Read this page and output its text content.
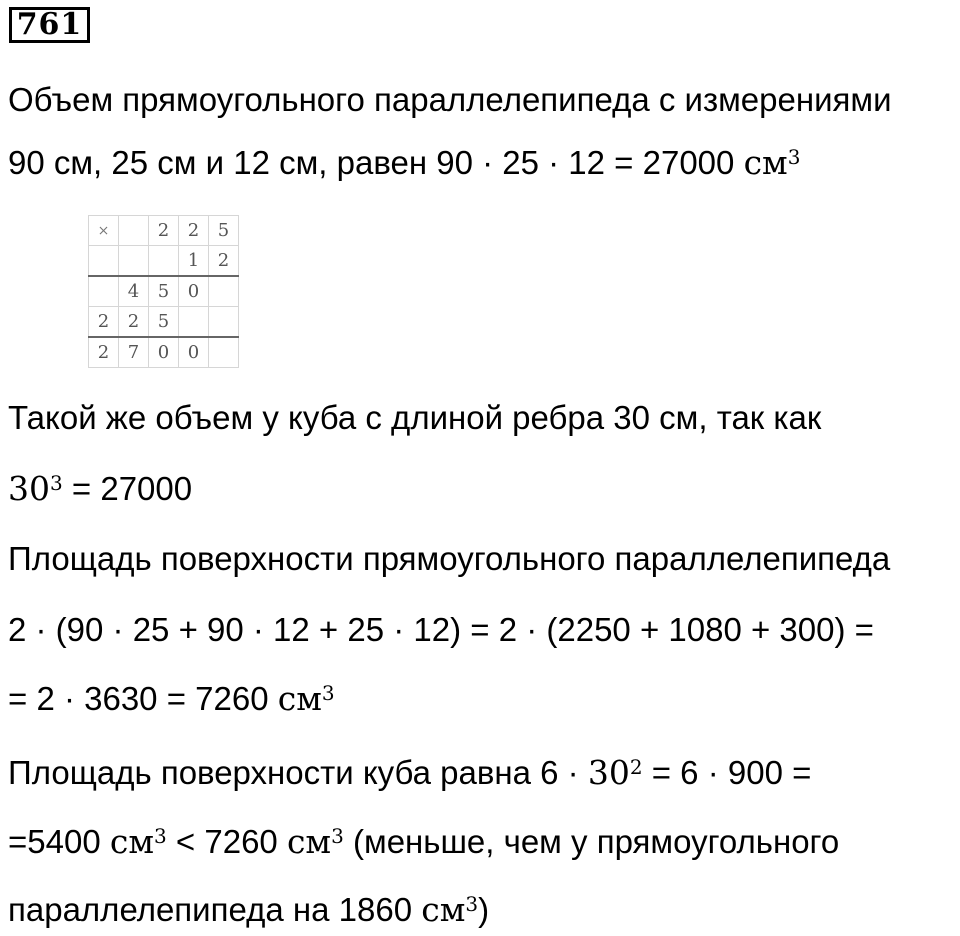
761
Объем прямоугольного параллелепипеда с измерениями
90 см, 25 см и 12 см, равен 90 · 25 · 12 = 27000 $см^3$
×		2	2	5
			1	2
	4	5	0	
2	2	5		
2	7	0	0	
Такой же объем у куба с длиной ребра 30 см, так как
$30^3 = 27000$
Площадь поверхности прямоугольного параллелепипеда
2 · (90 · 25 + 90 · 12 + 25 · 12) = 2 · (2250 + 1080 + 300) =
= 2 · 3630 = 7260 $см^3$
Площадь поверхности куба равна $6 \cdot 30^2 = 6 \cdot 900$ =
=5400 $см^3 < 7260$ $см^3$ (меньше, чем у прямоугольного
параллелепипеда на 1860 $см^3$)
